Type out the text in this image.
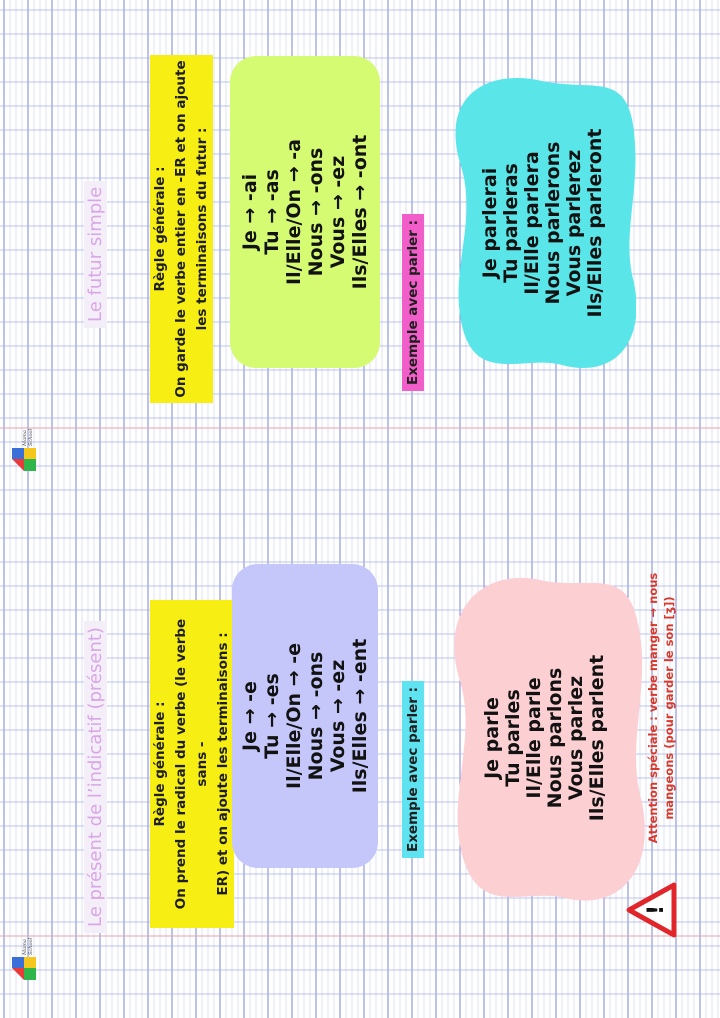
Le présent de l’indicatif (présent)	Règle générale : On prend le radical du verbe (le verbe sans - ER) et on ajoute les terminaisons : Je → -e Tu → -es Il/Elle/On → -e Nous → -ons Vous → -ez Ils/Elles → -ent	Exemple avec parler :	Je parle Tu parles Il/Elle parle Nous parlons Vous parlez Ils/Elles parlent
!
Attention spéciale : verbe manger → nous mangeons (pour garder le son [ʒ])
Le futur simple	Règle générale : On garde le verbe entier en -ER et on ajoute les terminaisons du futur : Je → -ai Tu → -as Il/Elle/On → -a Nous → -ons Vous → -ez Ils/Elles → -ont
Exemple avec parler :	Je parlerai Tu parleras Il/Elle parlera Nous parlerons Vous parlerez Ils/Elles parleront
Mama School
Mama School
